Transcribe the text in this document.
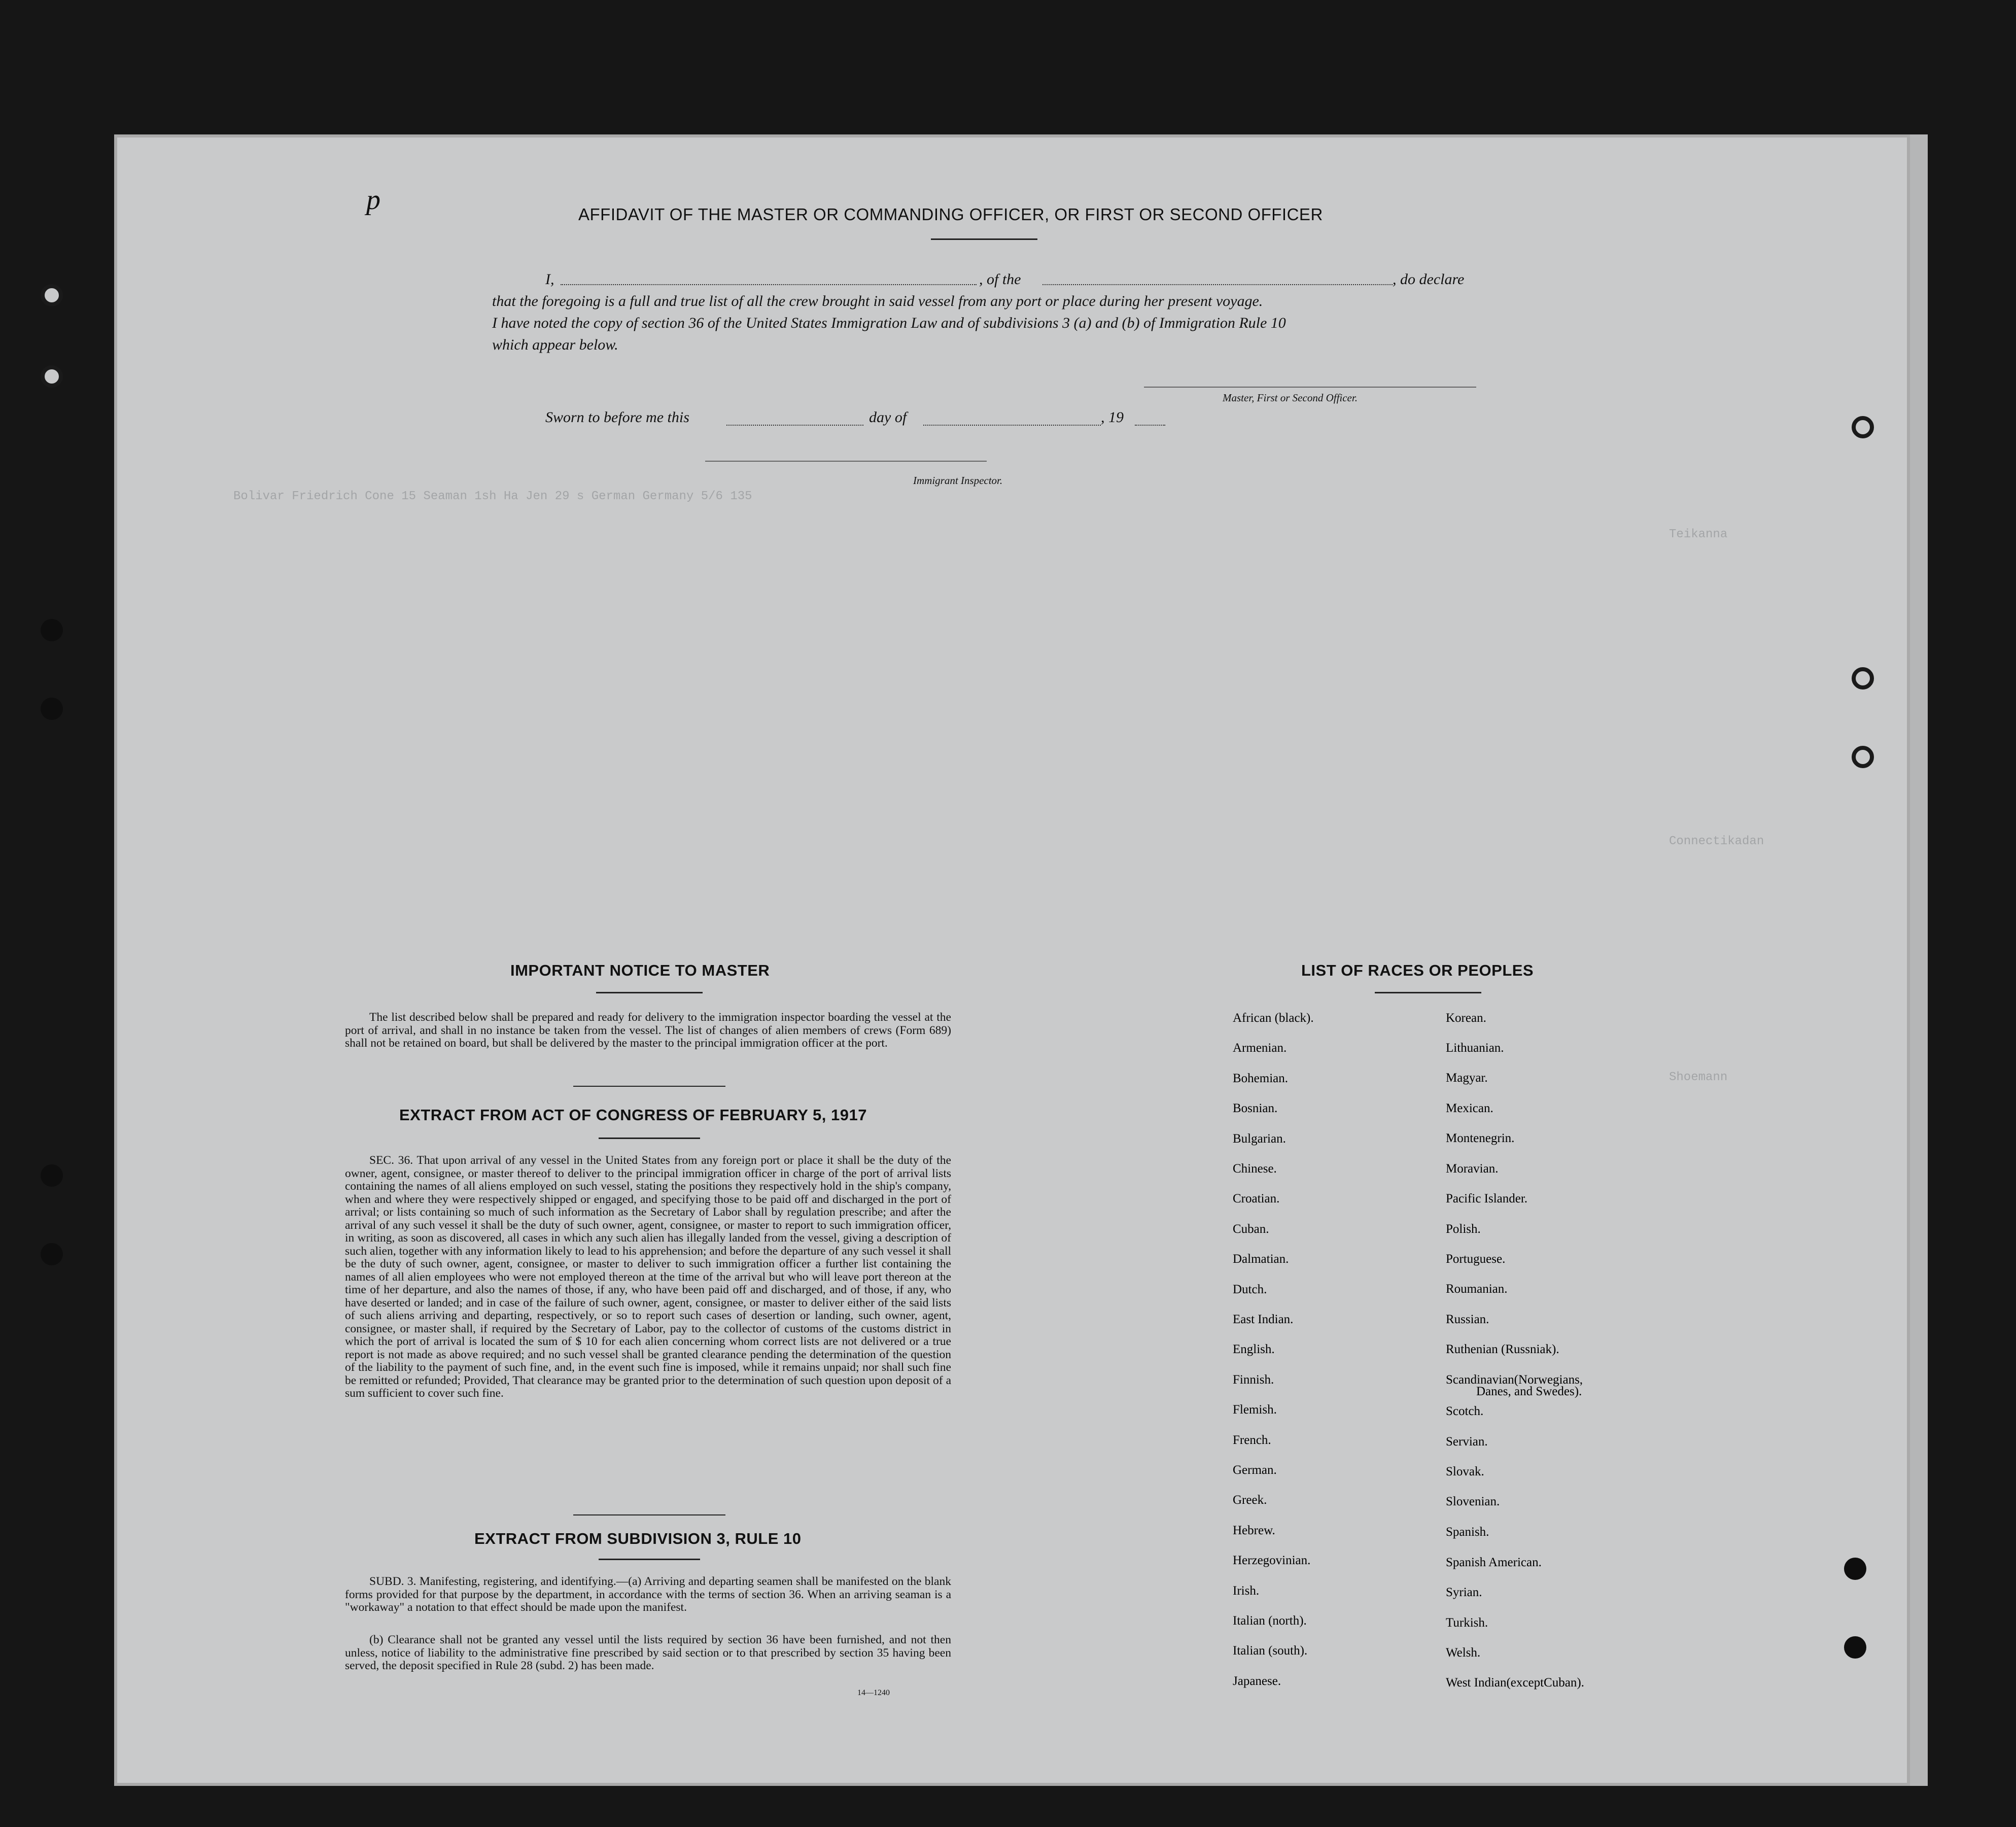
Bolivar Friedrich Cone 15 Seaman 1sh Ha Jen 29 s German Germany 5/6 135
Teikanna
Connectikadan
Shoemann
p	AFFIDAVIT OF THE MASTER OR COMMANDING OFFICER, OR FIRST OR SECOND OFFICER
I,	, of the	, do declare
that the foregoing is a full and true list of all the crew brought in said vessel from any port or place during her present voyage.
I have noted the copy of section 36 of the United States Immigration Law and of subdivisions 3 (a) and (b) of Immigration Rule 10
which appear below.
Master, First or Second Officer.
Sworn to before me this	day of	, 19
Immigrant Inspector.
IMPORTANT NOTICE TO MASTER
The list described below shall be prepared and ready for delivery to the immigration inspector boarding the vessel at the port of arrival, and shall in no instance be taken from the vessel. The list of changes of alien members of crews (Form 689) shall not be retained on board, but shall be delivered by the master to the principal immigration officer at the port.
EXTRACT FROM ACT OF CONGRESS OF FEBRUARY 5, 1917
SEC. 36. That upon arrival of any vessel in the United States from any foreign port or place it shall be the duty of the owner, agent, consignee, or master thereof to deliver to the principal immigration officer in charge of the port of arrival lists containing the names of all aliens employed on such vessel, stating the positions they respectively hold in the ship's company, when and where they were respectively shipped or engaged, and specifying those to be paid off and discharged in the port of arrival; or lists containing so much of such information as the Secretary of Labor shall by regulation prescribe; and after the arrival of any such vessel it shall be the duty of such owner, agent, consignee, or master to report to such immigration officer, in writing, as soon as discovered, all cases in which any such alien has illegally landed from the vessel, giving a description of such alien, together with any information likely to lead to his apprehension; and before the departure of any such vessel it shall be the duty of such owner, agent, consignee, or master to deliver to such immigration officer a further list containing the names of all alien employees who were not employed thereon at the time of the arrival but who will leave port thereon at the time of her departure, and also the names of those, if any, who have been paid off and discharged, and of those, if any, who have deserted or landed; and in case of the failure of such owner, agent, consignee, or master to deliver either of the said lists of such aliens arriving and departing, respectively, or so to report such cases of desertion or landing, such owner, agent, consignee, or master shall, if required by the Secretary of Labor, pay to the collector of customs of the customs district in which the port of arrival is located the sum of $ 10 for each alien concerning whom correct lists are not delivered or a true report is not made as above required; and no such vessel shall be granted clearance pending the determination of the question of the liability to the payment of such fine, and, in the event such fine is imposed, while it remains unpaid; nor shall such fine be remitted or refunded; Provided, That clearance may be granted prior to the determination of such question upon deposit of a sum sufficient to cover such fine.
EXTRACT FROM SUBDIVISION 3, RULE 10
SUBD. 3. Manifesting, registering, and identifying.—(a) Arriving and departing seamen shall be manifested on the blank forms provided for that purpose by the department, in accordance with the terms of section 36. When an arriving seaman is a "workaway" a notation to that effect should be made upon the manifest.
(b) Clearance shall not be granted any vessel until the lists required by section 36 have been furnished, and not then unless, notice of liability to the administrative fine prescribed by said section or to that prescribed by section 35 having been served, the deposit specified in Rule 28 (subd. 2) has been made.
14—1240
LIST OF RACES OR PEOPLES
African (black).
Armenian.
Bohemian.
Bosnian.
Bulgarian.
Chinese.
Croatian.
Cuban.
Dalmatian.
Dutch.
East Indian.
English.
Finnish.
Flemish.
French.
German.
Greek.
Hebrew.
Herzegovinian.
Irish.
Italian (north).
Italian (south).
Japanese.
Korean.
Lithuanian.
Magyar.
Mexican.
Montenegrin.
Moravian.
Pacific Islander.
Polish.
Portuguese.
Roumanian.
Russian.
Ruthenian (Russniak).
Scandinavian(Norwegians,
Danes, and Swedes).
Scotch.
Servian.
Slovak.
Slovenian.
Spanish.
Spanish American.
Syrian.
Turkish.
Welsh.
West Indian(exceptCuban).
